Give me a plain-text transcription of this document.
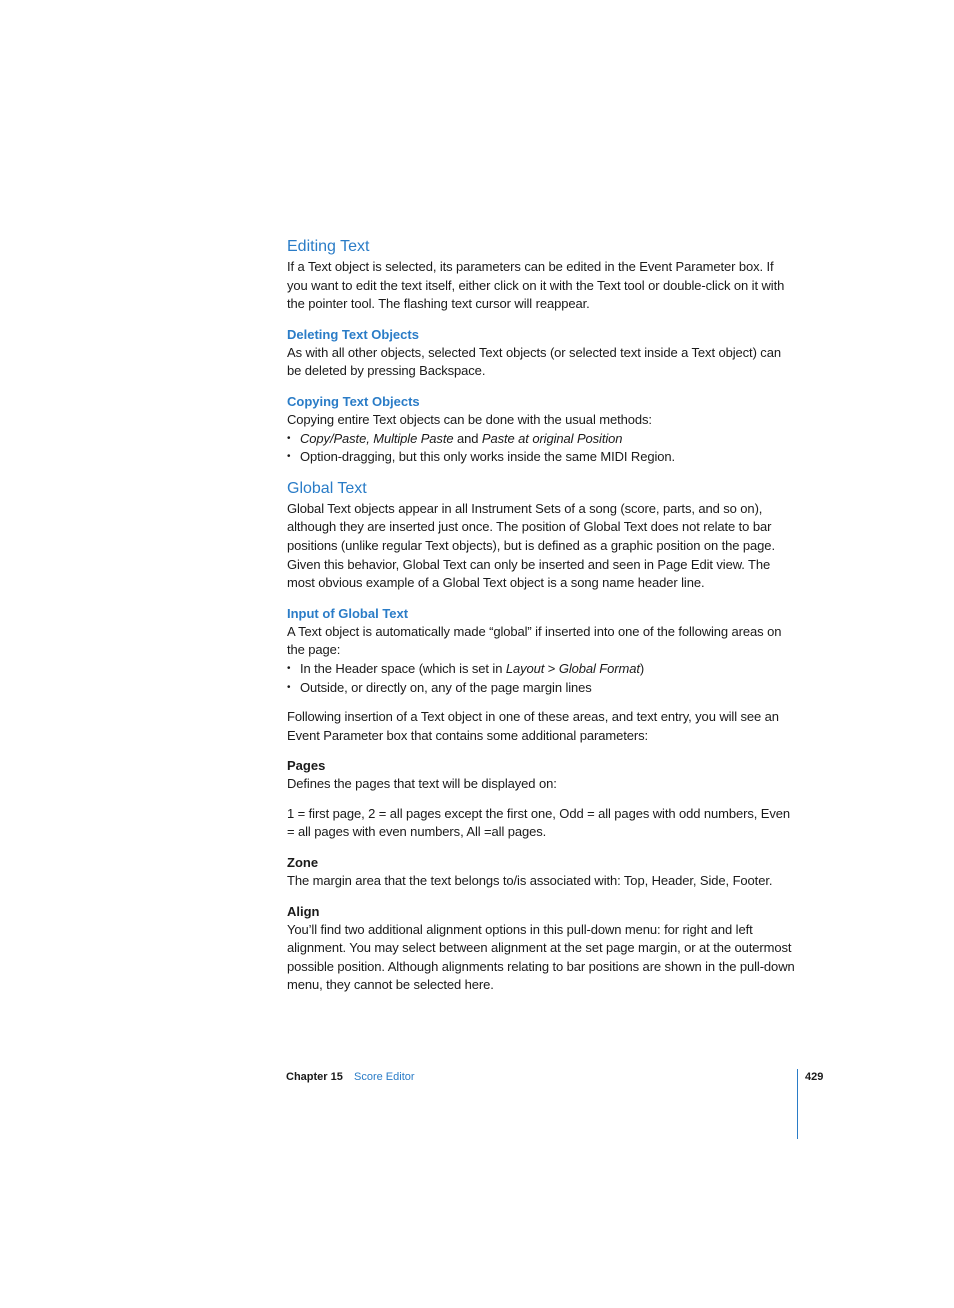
Editing Text

If a Text object is selected, its parameters can be edited in the Event Parameter box. If you want to edit the text itself, either click on it with the Text tool or double-click on it with the pointer tool. The flashing text cursor will reappear.

Deleting Text Objects

As with all other objects, selected Text objects (or selected text inside a Text object) can be deleted by pressing Backspace.

Copying Text Objects

Copying entire Text objects can be done with the usual methods:

• Copy/Paste, Multiple Paste and Paste at original Position
• Option-dragging, but this only works inside the same MIDI Region.
Global Text

Global Text objects appear in all Instrument Sets of a song (score, parts, and so on), although they are inserted just once. The position of Global Text does not relate to bar positions (unlike regular Text objects), but is defined as a graphic position on the page. Given this behavior, Global Text can only be inserted and seen in Page Edit view. The most obvious example of a Global Text object is a song name header line.

Input of Global Text

A Text object is automatically made “global” if inserted into one of the following areas on the page:

• In the Header space (which is set in Layout > Global Format)
• Outside, or directly on, any of the page margin lines

Following insertion of a Text object in one of these areas, and text entry, you will see an Event Parameter box that contains some additional parameters:

Pages

Defines the pages that text will be displayed on:

1 = first page, 2 = all pages except the first one, Odd = all pages with odd numbers, Even = all pages with even numbers, All =all pages.

Zone

The margin area that the text belongs to/is associated with: Top, Header, Side, Footer.

Align

You’ll find two additional alignment options in this pull-down menu: for right and left alignment. You may select between alignment at the set page margin, or at the outermost possible position. Although alignments relating to bar positions are shown in the pull-down menu, they cannot be selected here.

Chapter 15 Score Editor	429
